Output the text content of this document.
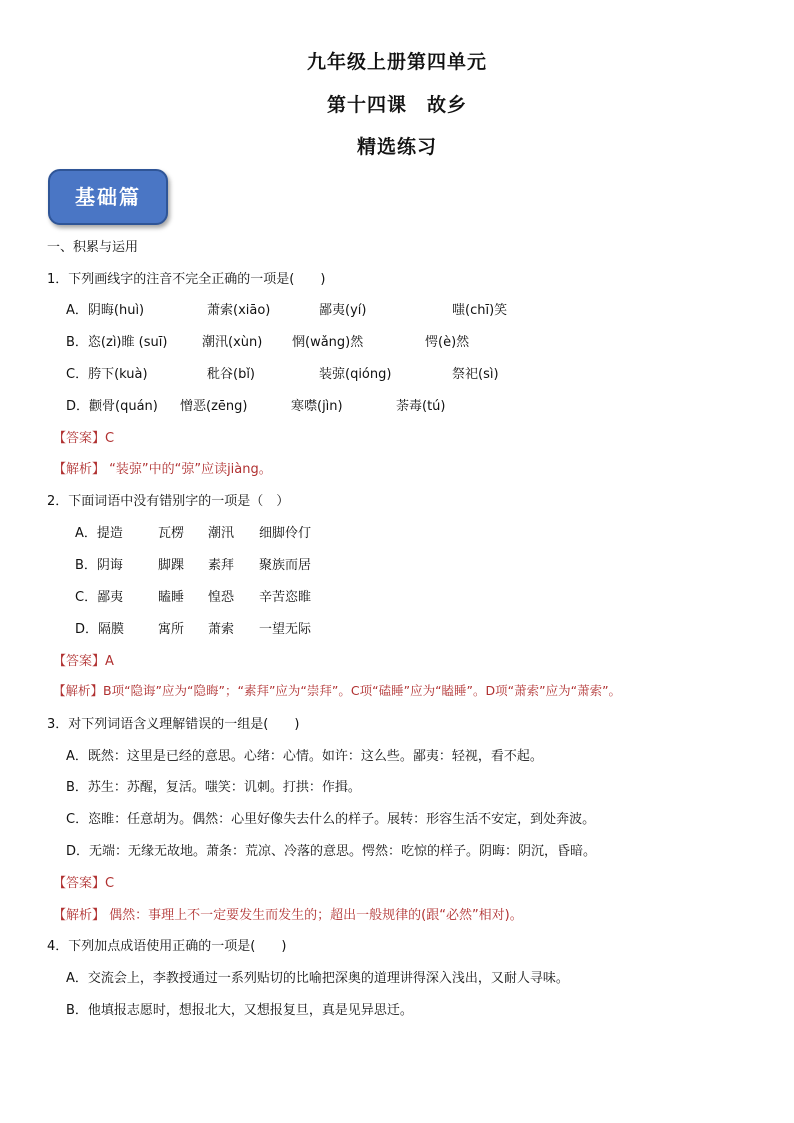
九年级上册第四单元
第十四课　故乡
精选练习
基础篇
一、积累与运用
1．下列画线字的注音不完全正确的一项是(　　)
A．阴晦(huì)	萧索(xiāo)	鄙夷(yí)	嗤(chī)笑
B．恣(zì)睢 (suī)	潮汛(xùn) 惘(wǎng)然	愕(è)然
C．胯下(kuà)	秕谷(bǐ)	装弶(qióng)	祭祀(sì)
D．颧骨(quán) 憎恶(zēng)	寒噤(jìn)	荼毒(tú)
【答案】C
【解析】 “装弶”中的“弶”应读jiàng。
2．下面词语中没有错别字的一项是（　）
A．提造	瓦楞 潮汛 细脚伶仃
B．阴诲	脚踝 素拜 聚族而居
C．鄙夷	瞌睡 惶恐 辛苦恣睢
D．隔膜	寓所 萧索 一望无际
【答案】A
【解析】B项“隐诲”应为“隐晦”；“素拜”应为“崇拜”。C项“磕睡”应为“瞌睡”。D项“萧索”应为“萧索”。
3．对下列词语含义理解错误的一组是(　　)
A．既然：这里是已经的意思。心绪：心情。如许：这么些。鄙夷：轻视，看不起。
B．苏生：苏醒，复活。嗤笑：讥刺。打拱：作揖。
C．恣睢：任意胡为。偶然：心里好像失去什么的样子。展转：形容生活不安定，到处奔波。
D．无端：无缘无故地。萧条：荒凉、冷落的意思。愕然：吃惊的样子。阴晦：阴沉，昏暗。
【答案】C
【解析】 偶然：事理上不一定要发生而发生的；超出一般规律的(跟“必然”相对)。
4．下列加点成语使用正确的一项是(　　)
A．交流会上，李教授通过一系列贴切的比喻把深奥的道理讲得深入浅出，又耐人寻味。
B．他填报志愿时，想报北大，又想报复旦，真是见异思迁。
